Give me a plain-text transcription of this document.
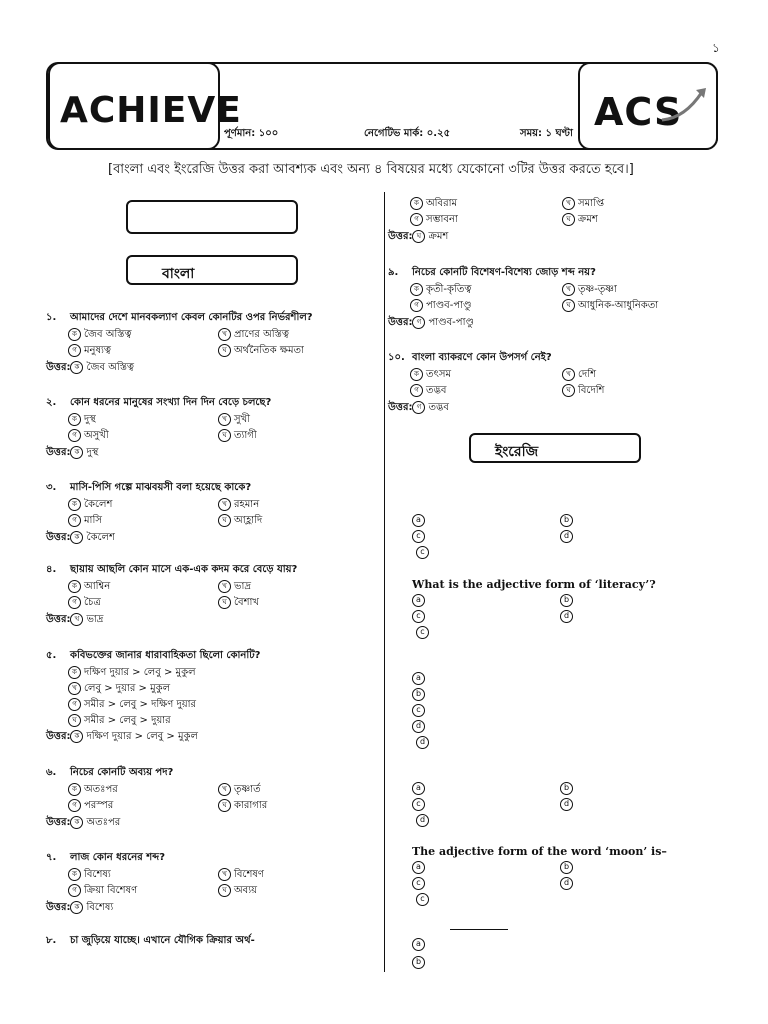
১
ACHIEVE	ACS
পূর্ণমান: ১০০	নেগেটিভ মার্ক: ০.২৫	সময়: ১ ঘণ্টা
[বাংলা এবং ইংরেজি উত্তর করা আবশ্যক এবং অন্য ৪ বিষয়ের মধ্যে যেকোনো ৩টির উত্তর করতে হবে।]
বাংলা
১. আমাদের দেশে মানবকল্যাণ কেবল কোনটির ওপর নির্ভরশীল?
ক জৈব অস্তিত্ব	খ প্রাণের অস্তিত্ব
গ মনুষ্যত্ব	ঘ অর্থনৈতিক ক্ষমতা
উত্তর: ক জৈব অস্তিত্ব
২. কোন ধরনের মানুষের সংখ্যা দিন দিন বেড়ে চলছে?
ক দুস্থ	খ সুখী
গ অসুখী	ঘ ত্যাগী
উত্তর: ক দুস্থ
৩. মাসি-পিসি গল্পে মাঝবয়সী বলা হয়েছে কাকে?
ক কৈলেশ	খ রহমান
গ মাসি	ঘ আহ্লাদি
উত্তর: ক কৈলেশ
৪. ছায়ায় আছলি কোন মাসে এক-এক কদম করে বেড়ে যায়?
ক আশ্বিন	খ ভাদ্র
গ চৈত্র	ঘ বৈশাখ
উত্তর: খ ভাদ্র
৫. কবিভক্তের জানার ধারাবাহিকতা ছিলো কোনটি?
ক দক্ষিণ দুয়ার > লেবু > মুকুল
খ লেবু > দুয়ার > মুকুল
গ সমীর > লেবু > দক্ষিণ দুয়ার
ঘ সমীর > লেবু > দুয়ার
উত্তর: ক দক্ষিণ দুয়ার > লেবু > মুকুল
৬. নিচের কোনটি অব্যয় পদ?
ক অতঃপর	খ তৃষ্ণার্ত
গ পরস্পর	ঘ কারাগার
উত্তর: ক অতঃপর
৭. লাজ কোন ধরনের শব্দ?
ক বিশেষ্য	খ বিশেষণ
গ ক্রিয়া বিশেষণ	ঘ অব্যয়
উত্তর: ক বিশেষ্য
৮. চা জুড়িয়ে যাচ্ছে। এখানে যৌগিক ক্রিয়ার অর্থ-
ক অবিরাম	খ সমাপ্তি
গ সম্ভাবনা	ঘ ক্রমশ
উত্তর: ঘ ক্রমশ
৯. নিচের কোনটি বিশেষণ-বিশেষ্য জোড় শব্দ নয়?
ক কৃতী-কৃতিত্ব	খ তৃষ্ণ-তৃষ্ণা
গ পাণ্ডব-পাণ্ডু	ঘ আধুনিক-আধুনিকতা
উত্তর: গ পাণ্ডব-পাণ্ডু
১০. বাংলা ব্যাকরণে কোন উপসর্গ নেই?
ক তৎসম	খ দেশি
গ তদ্ভব	ঘ বিদেশি
উত্তর: গ তদ্ভব
ইংরেজি
What is the adjective form of ‘literacy’?
The adjective form of the word ‘moon’ is–
a	b
c	d
c
a	b
c	d
c
a
b
c
d
d
a	b
c	d
d
a	b
c	d
c
a
b
